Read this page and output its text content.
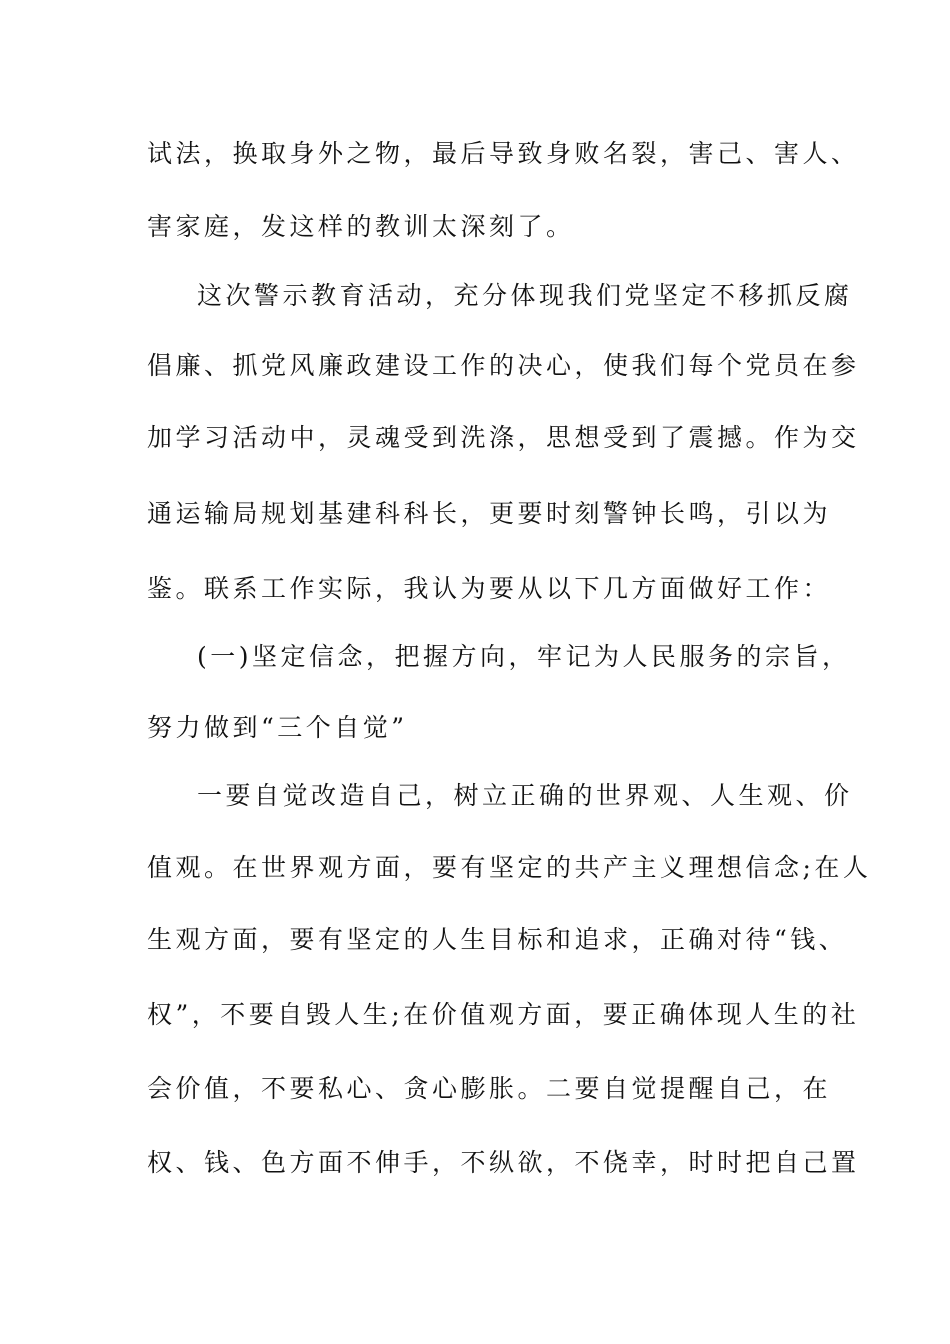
试法，换取身外之物，最后导致身败名裂，害己、害人、
害家庭，发这样的教训太深刻了。
这次警示教育活动，充分体现我们党坚定不移抓反腐
倡廉、抓党风廉政建设工作的决心，使我们每个党员在参
加学习活动中，灵魂受到洗涤，思想受到了震撼。作为交
通运输局规划基建科科长，更要时刻警钟长鸣，引以为
鉴。联系工作实际，我认为要从以下几方面做好工作：
(一)坚定信念，把握方向，牢记为人民服务的宗旨，
努力做到“三个自觉”
一要自觉改造自己，树立正确的世界观、人生观、价
值观。在世界观方面，要有坚定的共产主义理想信念;在人
生观方面，要有坚定的人生目标和追求，正确对待“钱、
权”，不要自毁人生;在价值观方面，要正确体现人生的社
会价值，不要私心、贪心膨胀。二要自觉提醒自己，在
权、钱、色方面不伸手，不纵欲，不侥幸，时时把自己置
